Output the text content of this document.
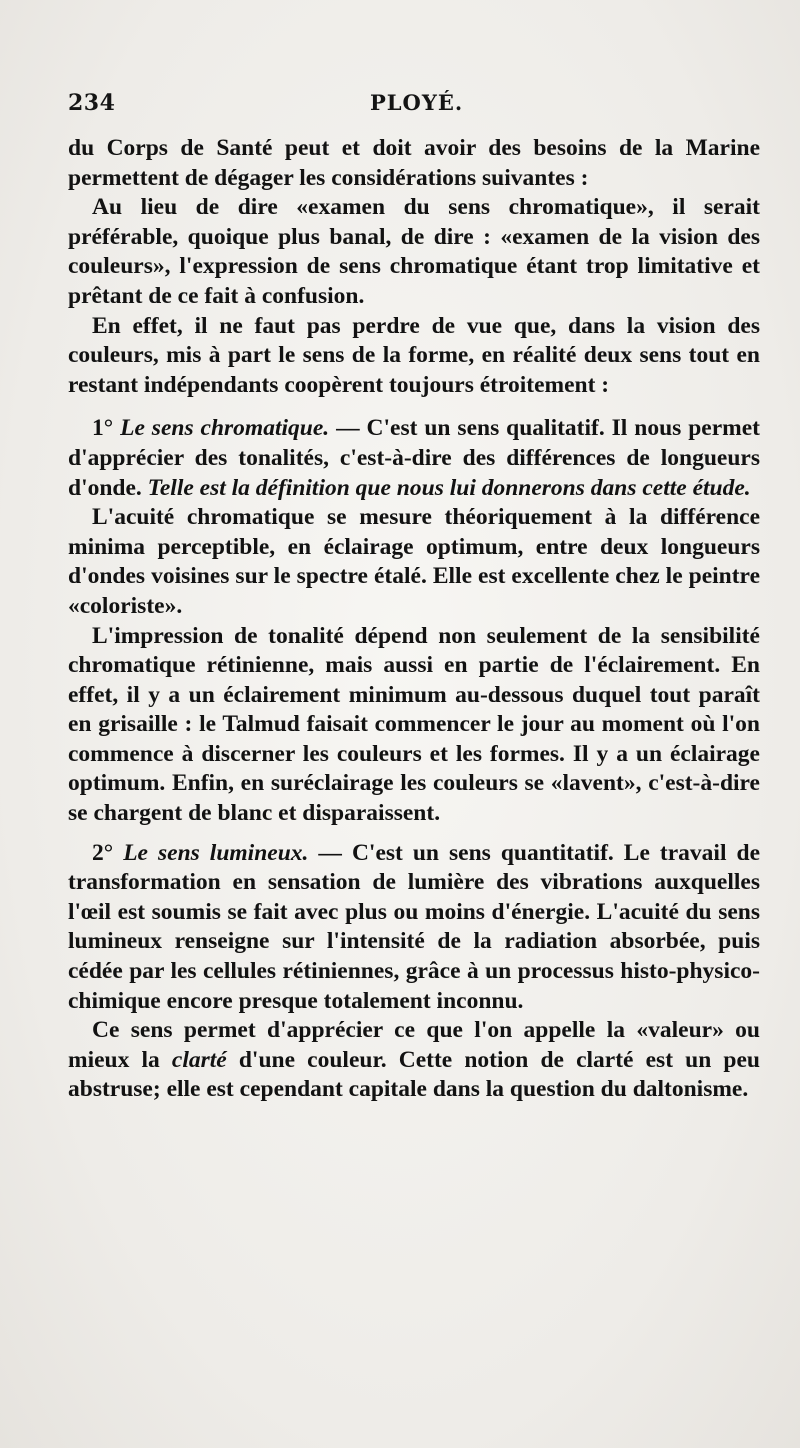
234	PLOYÉ.

du Corps de Santé peut et doit avoir des besoins de la Marine permettent de dégager les considérations suivantes :

Au lieu de dire «examen du sens chromatique», il serait préférable, quoique plus banal, de dire : «examen de la vision des couleurs», l'expression de sens chromatique étant trop limitative et prêtant de ce fait à confusion.

En effet, il ne faut pas perdre de vue que, dans la vision des couleurs, mis à part le sens de la forme, en réalité deux sens tout en restant indépendants coopèrent toujours étroitement :

1° Le sens chromatique. — C'est un sens qualitatif. Il nous permet d'apprécier des tonalités, c'est-à-dire des différences de longueurs d'onde. Telle est la définition que nous lui donnerons dans cette étude.

L'acuité chromatique se mesure théoriquement à la différence minima perceptible, en éclairage optimum, entre deux longueurs d'ondes voisines sur le spectre étalé. Elle est excellente chez le peintre «coloriste».

L'impression de tonalité dépend non seulement de la sensibilité chromatique rétinienne, mais aussi en partie de l'éclairement. En effet, il y a un éclairement minimum au-dessous duquel tout paraît en grisaille : le Talmud faisait commencer le jour au moment où l'on commence à discerner les couleurs et les formes. Il y a un éclairage optimum. Enfin, en suréclairage les couleurs se «lavent», c'est-à-dire se chargent de blanc et disparaissent.

2° Le sens lumineux. — C'est un sens quantitatif. Le travail de transformation en sensation de lumière des vibrations auxquelles l'œil est soumis se fait avec plus ou moins d'énergie. L'acuité du sens lumineux renseigne sur l'intensité de la radiation absorbée, puis cédée par les cellules rétiniennes, grâce à un processus histo-physico-chimique encore presque totalement inconnu.

Ce sens permet d'apprécier ce que l'on appelle la «valeur» ou mieux la clarté d'une couleur. Cette notion de clarté est un peu abstruse; elle est cependant capitale dans la question du daltonisme.
